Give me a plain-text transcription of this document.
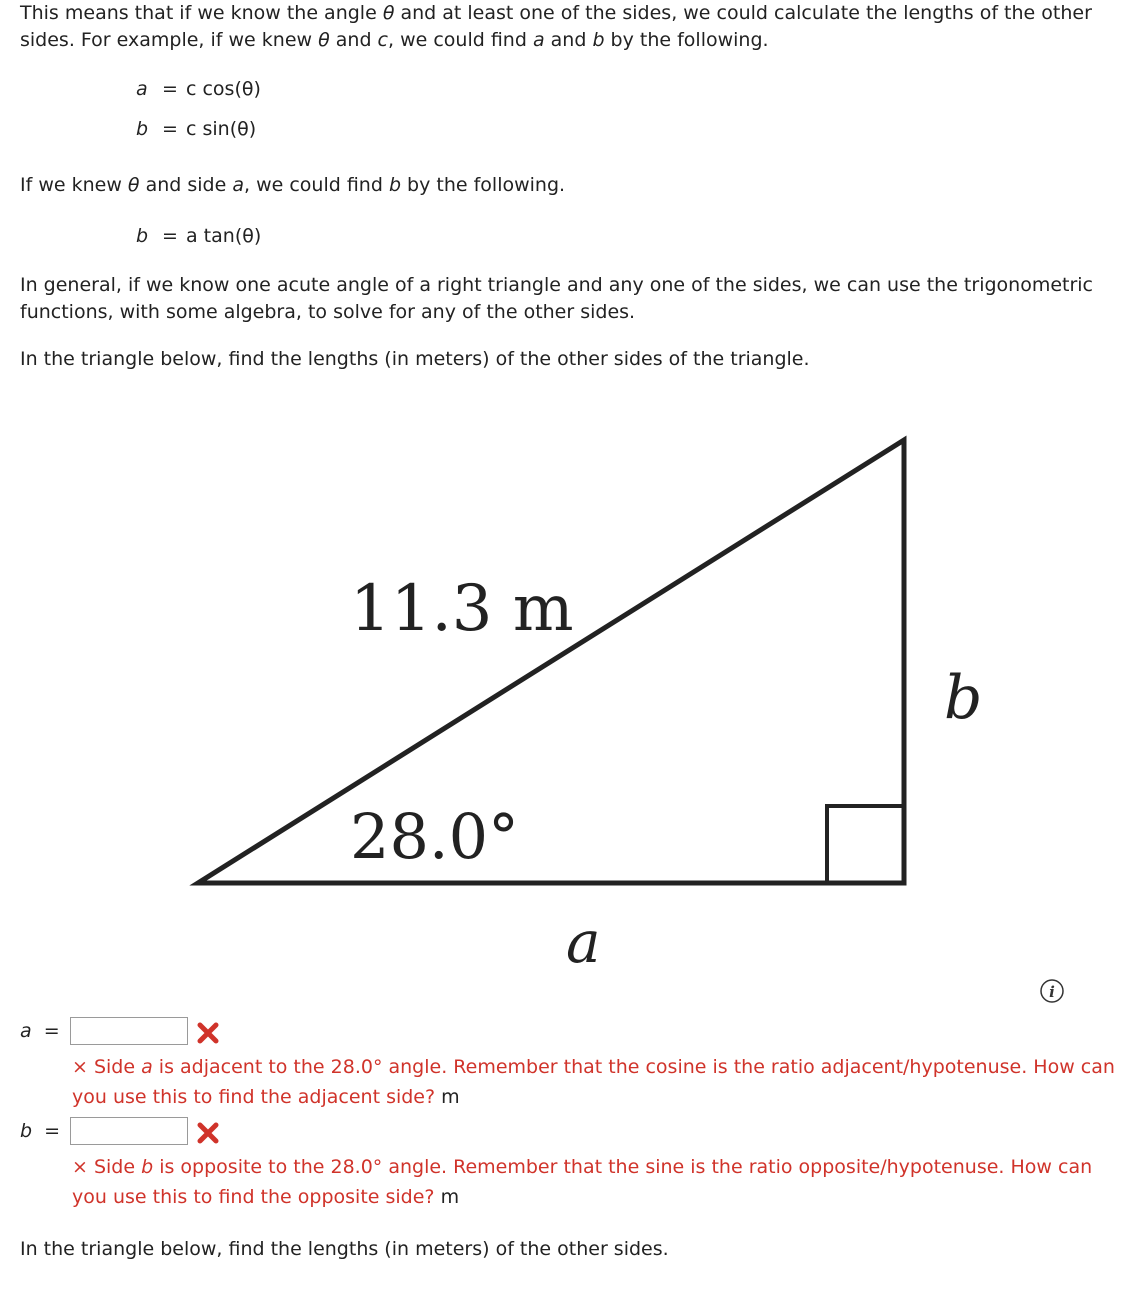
This means that if we know the angle θ and at least one of the sides, we could calculate the lengths of the other sides. For example, if we knew θ and c, we could find a and b by the following.
a = c cos(θ)
b = c sin(θ)
If we knew θ and side a, we could find b by the following.
b = a tan(θ)
In general, if we know one acute angle of a right triangle and any one of the sides, we can use the trigonometric functions, with some algebra, to solve for any of the other sides.
In the triangle below, find the lengths (in meters) of the other sides of the triangle.
11.3 m
28.0°
b
a
i
a =
× Side a is adjacent to the 28.0° angle. Remember that the cosine is the ratio adjacent/hypotenuse. How can you use this to find the adjacent side? m
b =
× Side b is opposite to the 28.0° angle. Remember that the sine is the ratio opposite/hypotenuse. How can you use this to find the opposite side? m
In the triangle below, find the lengths (in meters) of the other sides.
